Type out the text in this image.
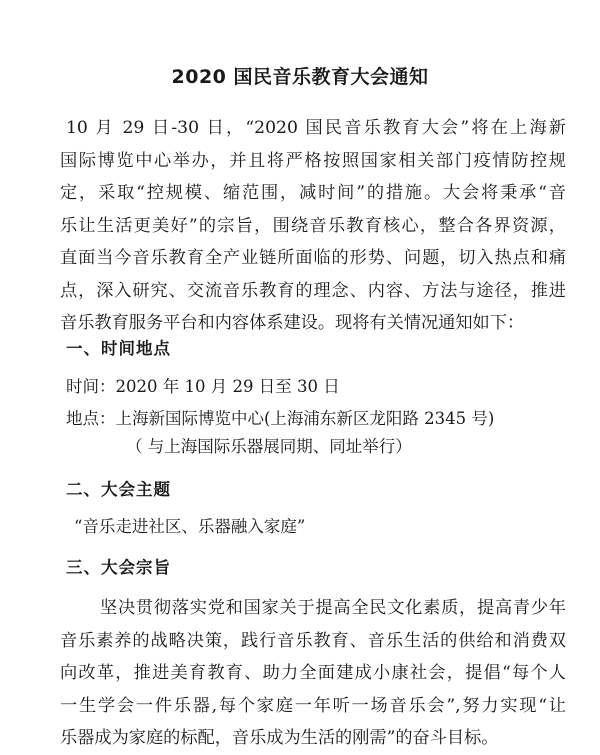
2020 国民音乐教育大会通知
10 月 29 日-30 日，“2020 国民音乐教育大会”将在上海新
国际博览中心举办，并且将严格按照国家相关部门疫情防控规
定，采取“控规模、缩范围，减时间”的措施。大会将秉承“音
乐让生活更美好”的宗旨，围绕音乐教育核心，整合各界资源，
直面当今音乐教育全产业链所面临的形势、问题，切入热点和痛
点，深入研究、交流音乐教育的理念、内容、方法与途径，推进
音乐教育服务平台和内容体系建设。现将有关情况通知如下：
一、时间地点
时间：2020 年 10 月 29 日至 30 日
地点：上海新国际博览中心(上海浦东新区龙阳路 2345 号)
（ 与上海国际乐器展同期、同址举行）
二、大会主题
“音乐走进社区、乐器融入家庭”
三、大会宗旨
坚决贯彻落实党和国家关于提高全民文化素质，提高青少年
音乐素养的战略决策，践行音乐教育、音乐生活的供给和消费双
向改革，推进美育教育、助力全面建成小康社会，提倡“每个人
一生学会一件乐器,每个家庭一年听一场音乐会”,努力实现“让
乐器成为家庭的标配，音乐成为生活的刚需”的奋斗目标。
